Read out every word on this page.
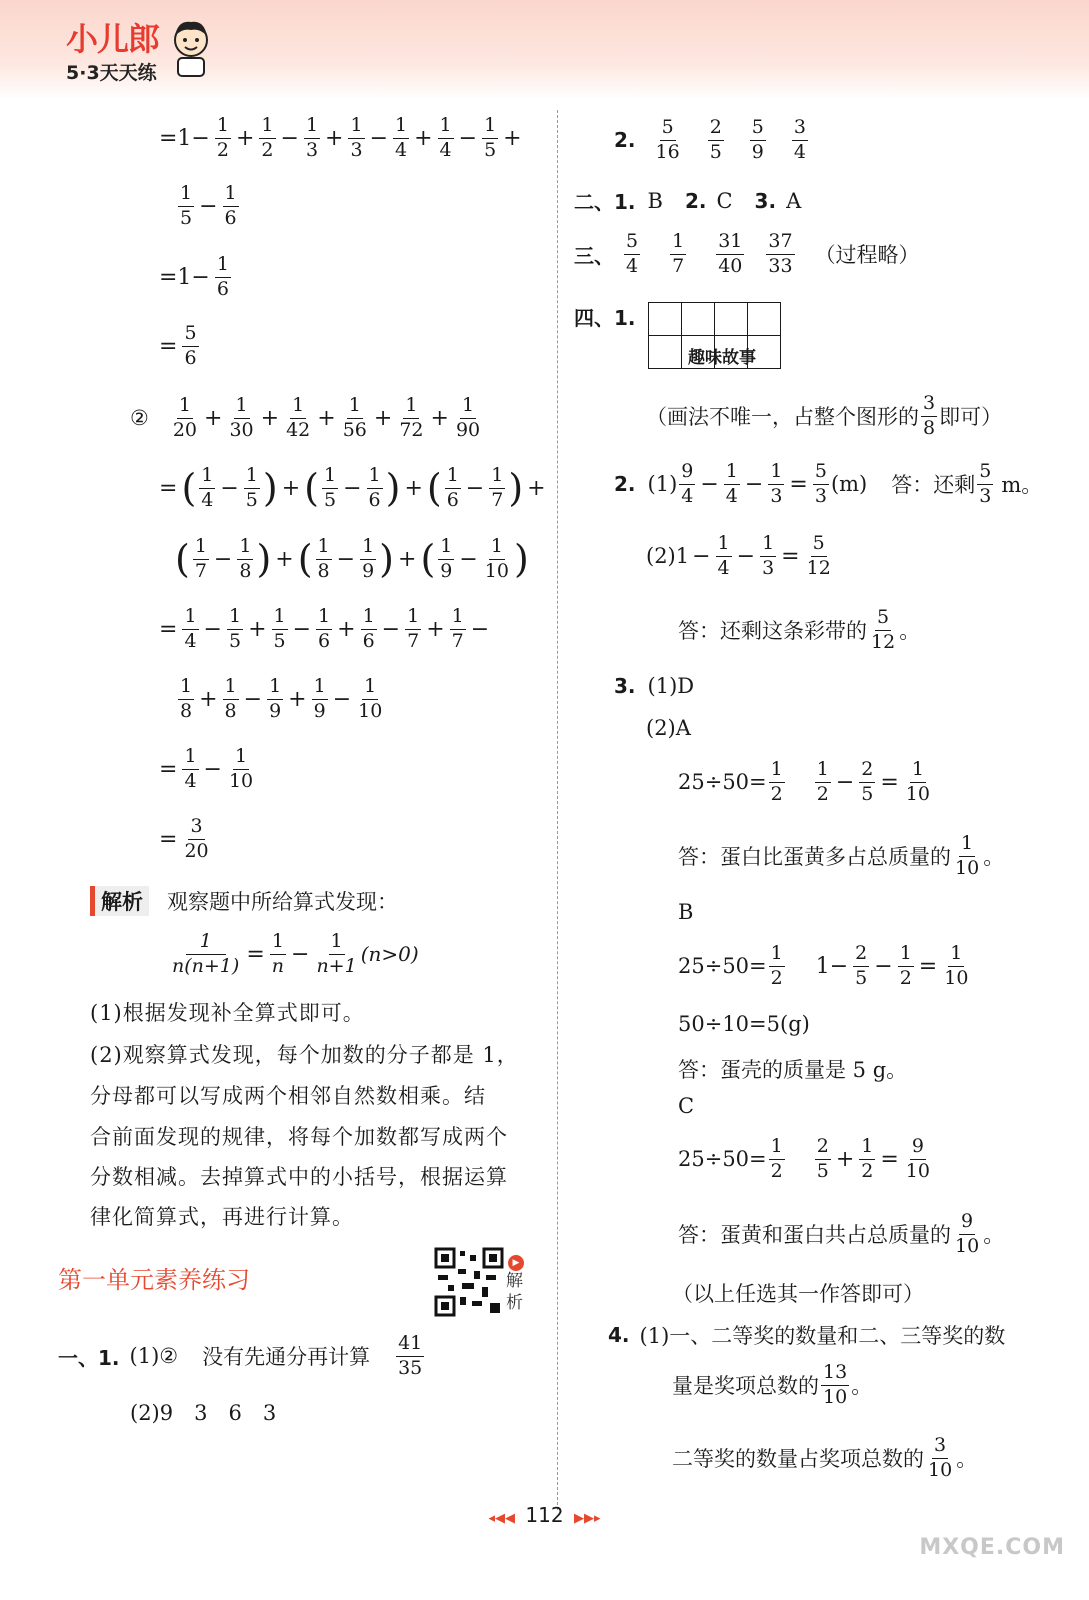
小儿郎
5·3天天练
$=1- \frac{1}{2} + \frac{1}{2} - \frac{1}{3} + \frac{1}{3} - \frac{1}{4} + \frac{1}{4} - \frac{1}{5}$ +
$\frac{1}{5} - \frac{1}{6}$
$=1- \frac{1}{6}$
= $\frac{5}{6}$
② $\frac{1}{20} + \frac{1}{30} + \frac{1}{42} + \frac{1}{56} + \frac{1}{72} + \frac{1}{90}$
= ( $\frac{1}{4} - \frac{1}{5}$ ) + ( $\frac{1}{5} - \frac{1}{6}$ ) + ( $\frac{1}{6} - \frac{1}{7}$ ) +
( $\frac{1}{7} - \frac{1}{8}$ ) + ( $\frac{1}{8} - \frac{1}{9}$ ) + ( $\frac{1}{9} - \frac{1}{10}$ )
= $\frac{1}{4} - \frac{1}{5} + \frac{1}{5} - \frac{1}{6} + \frac{1}{6} - \frac{1}{7} + \frac{1}{7}$ −
$\frac{1}{8} + \frac{1}{8} - \frac{1}{9} + \frac{1}{9} - \frac{1}{10}$
= $\frac{1}{4} - \frac{1}{10}$
= $\frac{3}{20}$
解析 观察题中所给算式发现：
$\frac{1}{n(n+1)} = \frac{1}{n} - \frac{1}{n+1} (n>0)$
(1)根据发现补全算式即可。
(2)观察算式发现，每个加数的分子都是 1，
分母都可以写成两个相邻自然数相乘。结
合前面发现的规律，将每个加数都写成两个
分数相减。去掉算式中的小括号，根据运算
律化简算式，再进行计算。
第一单元素养练习
▶
解析
一、1. (1)② 没有先通分再计算 $\frac{41}{35}$
(2)9　3　6　3
2. $\frac{5}{16} \frac{2}{5} \frac{5}{9} \frac{3}{4}$
二、1. B 2. C 3. A
三、 $\frac{5}{4} \frac{1}{7} \frac{31}{40} \frac{37}{33}$ （过程略）
四、1.

趣味故事
（画法不唯一，占整个图形的 $\frac{3}{8}$ 即可）
2. $(1) \frac{9}{4} - \frac{1}{4} - \frac{1}{3} = \frac{5}{3} (m)$ 答：还剩 $\frac{5}{3}$ m。
$(2)1 - \frac{1}{4} - \frac{1}{3} = \frac{5}{12}$
答：还剩这条彩带的 $\frac{5}{12}$ 。
3. (1)D
(2)A
$25\div 50= \frac{1}{2} \frac{1}{2} - \frac{2}{5} = \frac{1}{10}$
答：蛋白比蛋黄多占总质量的 $\frac{1}{10}$ 。
B
$25\div 50= \frac{1}{2} 1- \frac{2}{5} - \frac{1}{2} = \frac{1}{10}$
50÷10=5(g)
答：蛋壳的质量是 5 g。
C
$25\div 50= \frac{1}{2} \frac{2}{5} + \frac{1}{2} = \frac{9}{10}$
答：蛋黄和蛋白共占总质量的 $\frac{9}{10}$ 。
（以上任选其一作答即可）
4. (1)一、二等奖的数量和二、三等奖的数
量是奖项总数的 $\frac{13}{10}$ 。
二等奖的数量占奖项总数的 $\frac{3}{10}$ 。
◂◀◀ 112 ▶▶▸
MXQE.COM
